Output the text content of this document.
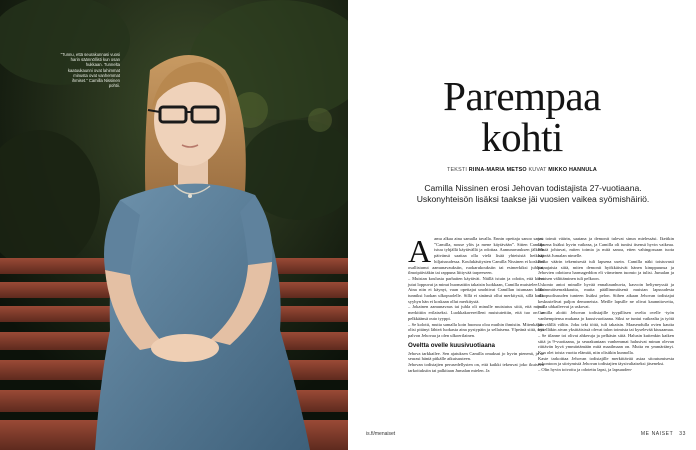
”Tunnu, että seurakunnasi vuosi harin säännöllisti kun osan hukkaan. Tunnelta kaatuukaunni ovat lahimmat minusta ovat vanhemmat ihmiset.” Camilla Nissinen pohtii.	Parempaa
kohti
TEKSTI RIINA-MARIA METSO KUVAT MIKKO HANNULA
Camilla Nissinen erosi Jehovan todistajista 27-vuotiaana. Uskonyhteisön lisäksi taakse jäi vuosien vaikea syömishäiriö.

Aamu alkaa aina samalla tavalla. Ennin opettaja sanoo sanat: ”Camilla, nouse ylös ja mene käytävään”. Sitten Camilla istuu tyhjällä käytävällä ja odottaa. Aamunavauksen jälkeen päivänsä saattaa olla vielä lisää yhteisistä hetkistä hiljaisuudessa. Koulukäsitysten Camilla Nissinen ei koskaan osallistunut aamunavauksiin, ruokarukouksiin tai esimerkiksi juhliin, ilmoipäiviäkin tai rappuna liittyvää tarpeeseen.

– Muistan koulusta parhaiten käytävät. Näillä istuin ja odotin, että kivat jutut loppuvat ja minut huomattiin takaisin luokkaan, Camilla muistelee.

Aina niin ei käynyt, vaan opettajat unohtivat Camillan istumaan koko tunniksi luokan ulkopuolelle. Sillä ei sinänsä ollut merkitystä, sillä koko syyhyn hän ei koskaan ollut merkitystä.

– Jokainen aamunavaus tai juhla oli minulle muistutus siitä, että minut merkittiin erilaiseksi. Luokkakavereilleni muistutettiin, että tuo on se pelkkäänsä outo tyyppi.

– Se kolotti, mutta samalla koin huonoa oloa muihin ihmisiin. Mitenkähän olisi pitänyt lähteä luokasta aina pystypäin ja sellaisena. Ylpeänä siitä, että palvon Jehovaa ja olen ulkoerilainen.

Oveltta ovelle kuusivuotiaana

Jehova tarkkailee. Sen ajatuksen Camilla omaksui jo hyvin pienenä, ja se seurasi häntä pitkälle aikuisuuteen.

Jehovan todistajien perusedellysten on, että kaikki tekeuvat joko ikuiseen tarkoituksiin tai palkitaan Jumalan mielen. Ja

jos toimit väärin, saatana ja demonit tulevat sinun mielessäsi. Ikeitkin lapsena lisäksi hyvin vaikeaa, ja Camilla oli tuntisi itsensä hyvin vaikeaa. Mistä johtuvat, miten toimia ja mitä sanoa, etten vahingossaan tuota häpeää Jumalan nimelle.

Pelko väärin tekemisestä tuli lapsena usein. Camilla näki toistuvasti painajaisia siitä, miten demonit hyökkäisivät hänen kimppuunsa ja Jehovien odottava harmageddon eli viimeinen tuomio ja tulisi. Jumalan ja ihmisen välittäminen tuli pelkoon.

Uskonto antoi minulle hyvää ennaltaunhuvia, kasvoin heltyneysstä ja lähimmäisenrakkautta, mutta päällimmäisenä muistan lapsuudesta ulkopuolisuuden tunteen lisäksi pelon. Siihen aikaan Jehovan todistajat keskustelivat paljon demoneista. Meille lapsille ne olivat kaunnitoveita, joilla uhkaileevat ja uskovat.

Camilla aloitti Jehovan todistajille tyypillisen ovelta ovelle -työn vanhempiensa mukana jo kuusivuotiaana. Siksi se tuntui vaikealta ja työtä jäi välillä väliin. Joku teki töitä, tuli takaisin. Maaseudulla ovien kautta kyselläkin aivan yksittäisissä olevat talon toimista tai kyselevää kiusaamaa.

– Se tilanne toi olivat ahkeruja ja pelkäsin siitä. Halusin kuitenkin kaiken siitä ja 9-vuotiaana, ja seurakuntaan vanhemmat halusivat minun olevan riittävän hyvä ymmärtämään mitä maailmaan on. Mutta en ymmärtänyt. Kun olet toista vuotta elämää, niin olisitkin kunnolla.

Kaste tarkoittaa Jehovan todistajille merkittävää asiaa sitoutumisesta uskontoon ja siirtymistä Jehovan todistajien täysivaltaiseksi jäseneksi.

– Olin hyvin toivottu ja odotettu lapsi, ja lapsuuden-

is.fi/menaiset	ME NAISET 33
